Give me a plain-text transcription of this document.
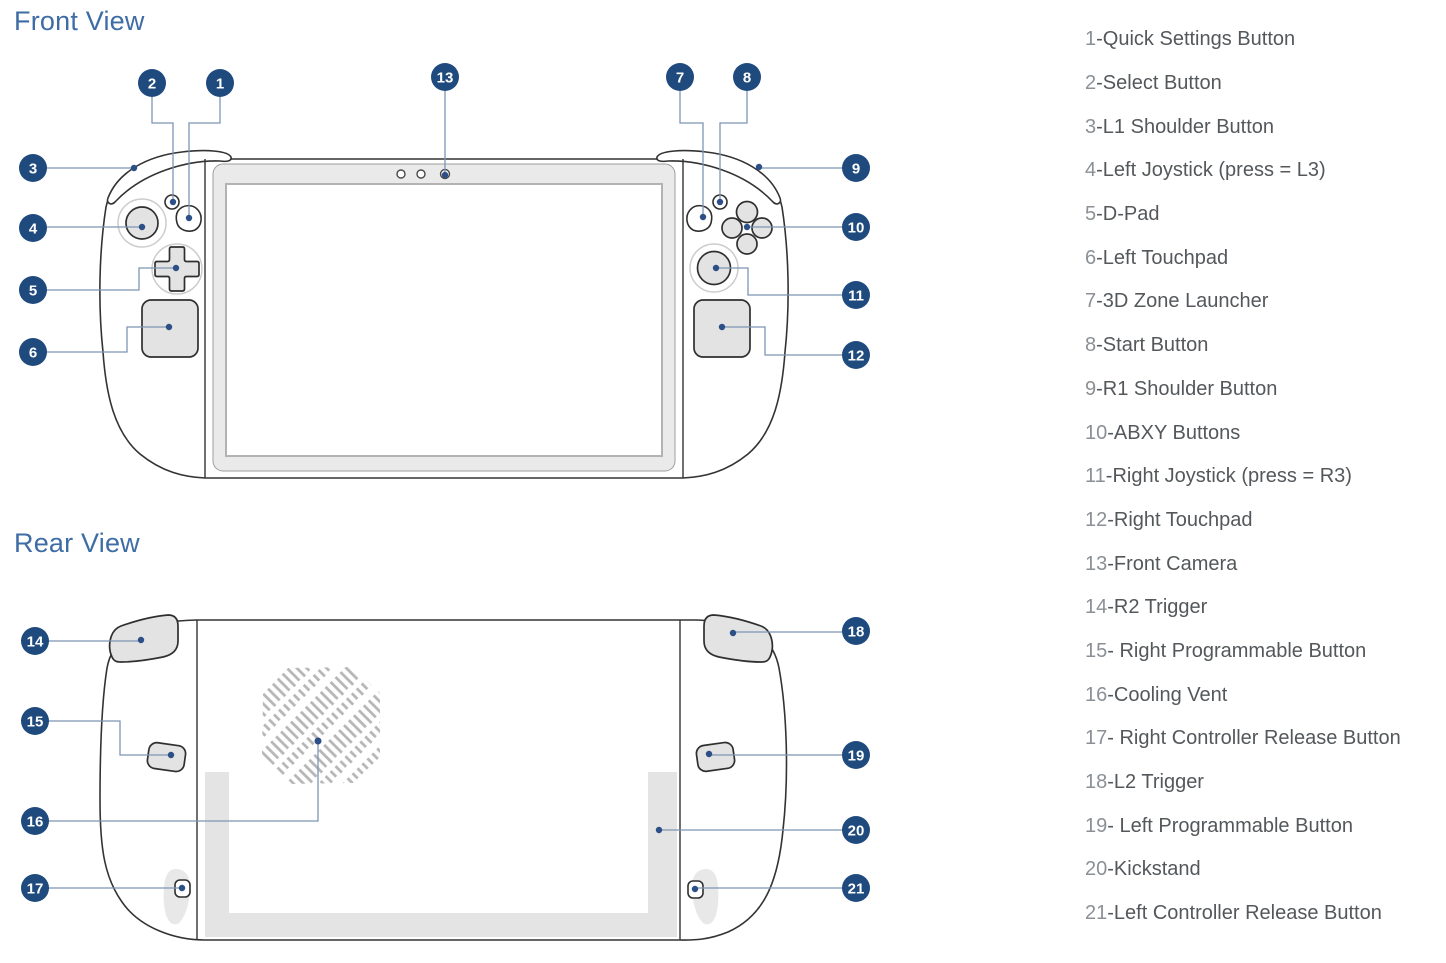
Front View
Rear View
2	1	13	7	8
3
4
5
6
9
10
11
12
14
15
16
17
18
19
20
21
1 - Quick Settings Button
2 - Select Button
3 - L1 Shoulder Button
4 - Left Joystick (press = L3)
5 - D-Pad
6 - Left Touchpad
7 - 3D Zone Launcher
8 - Start Button
9 - R1 Shoulder Button
10 - ABXY Buttons
11 - Right Joystick (press = R3)
12 - Right Touchpad
13 - Front Camera
14 - R2 Trigger
15 - Right Programmable Button
16 - Cooling Vent
17 - Right Controller Release Button
18 - L2 Trigger
19 - Left Programmable Button
20 - Kickstand
21 - Left Controller Release Button
